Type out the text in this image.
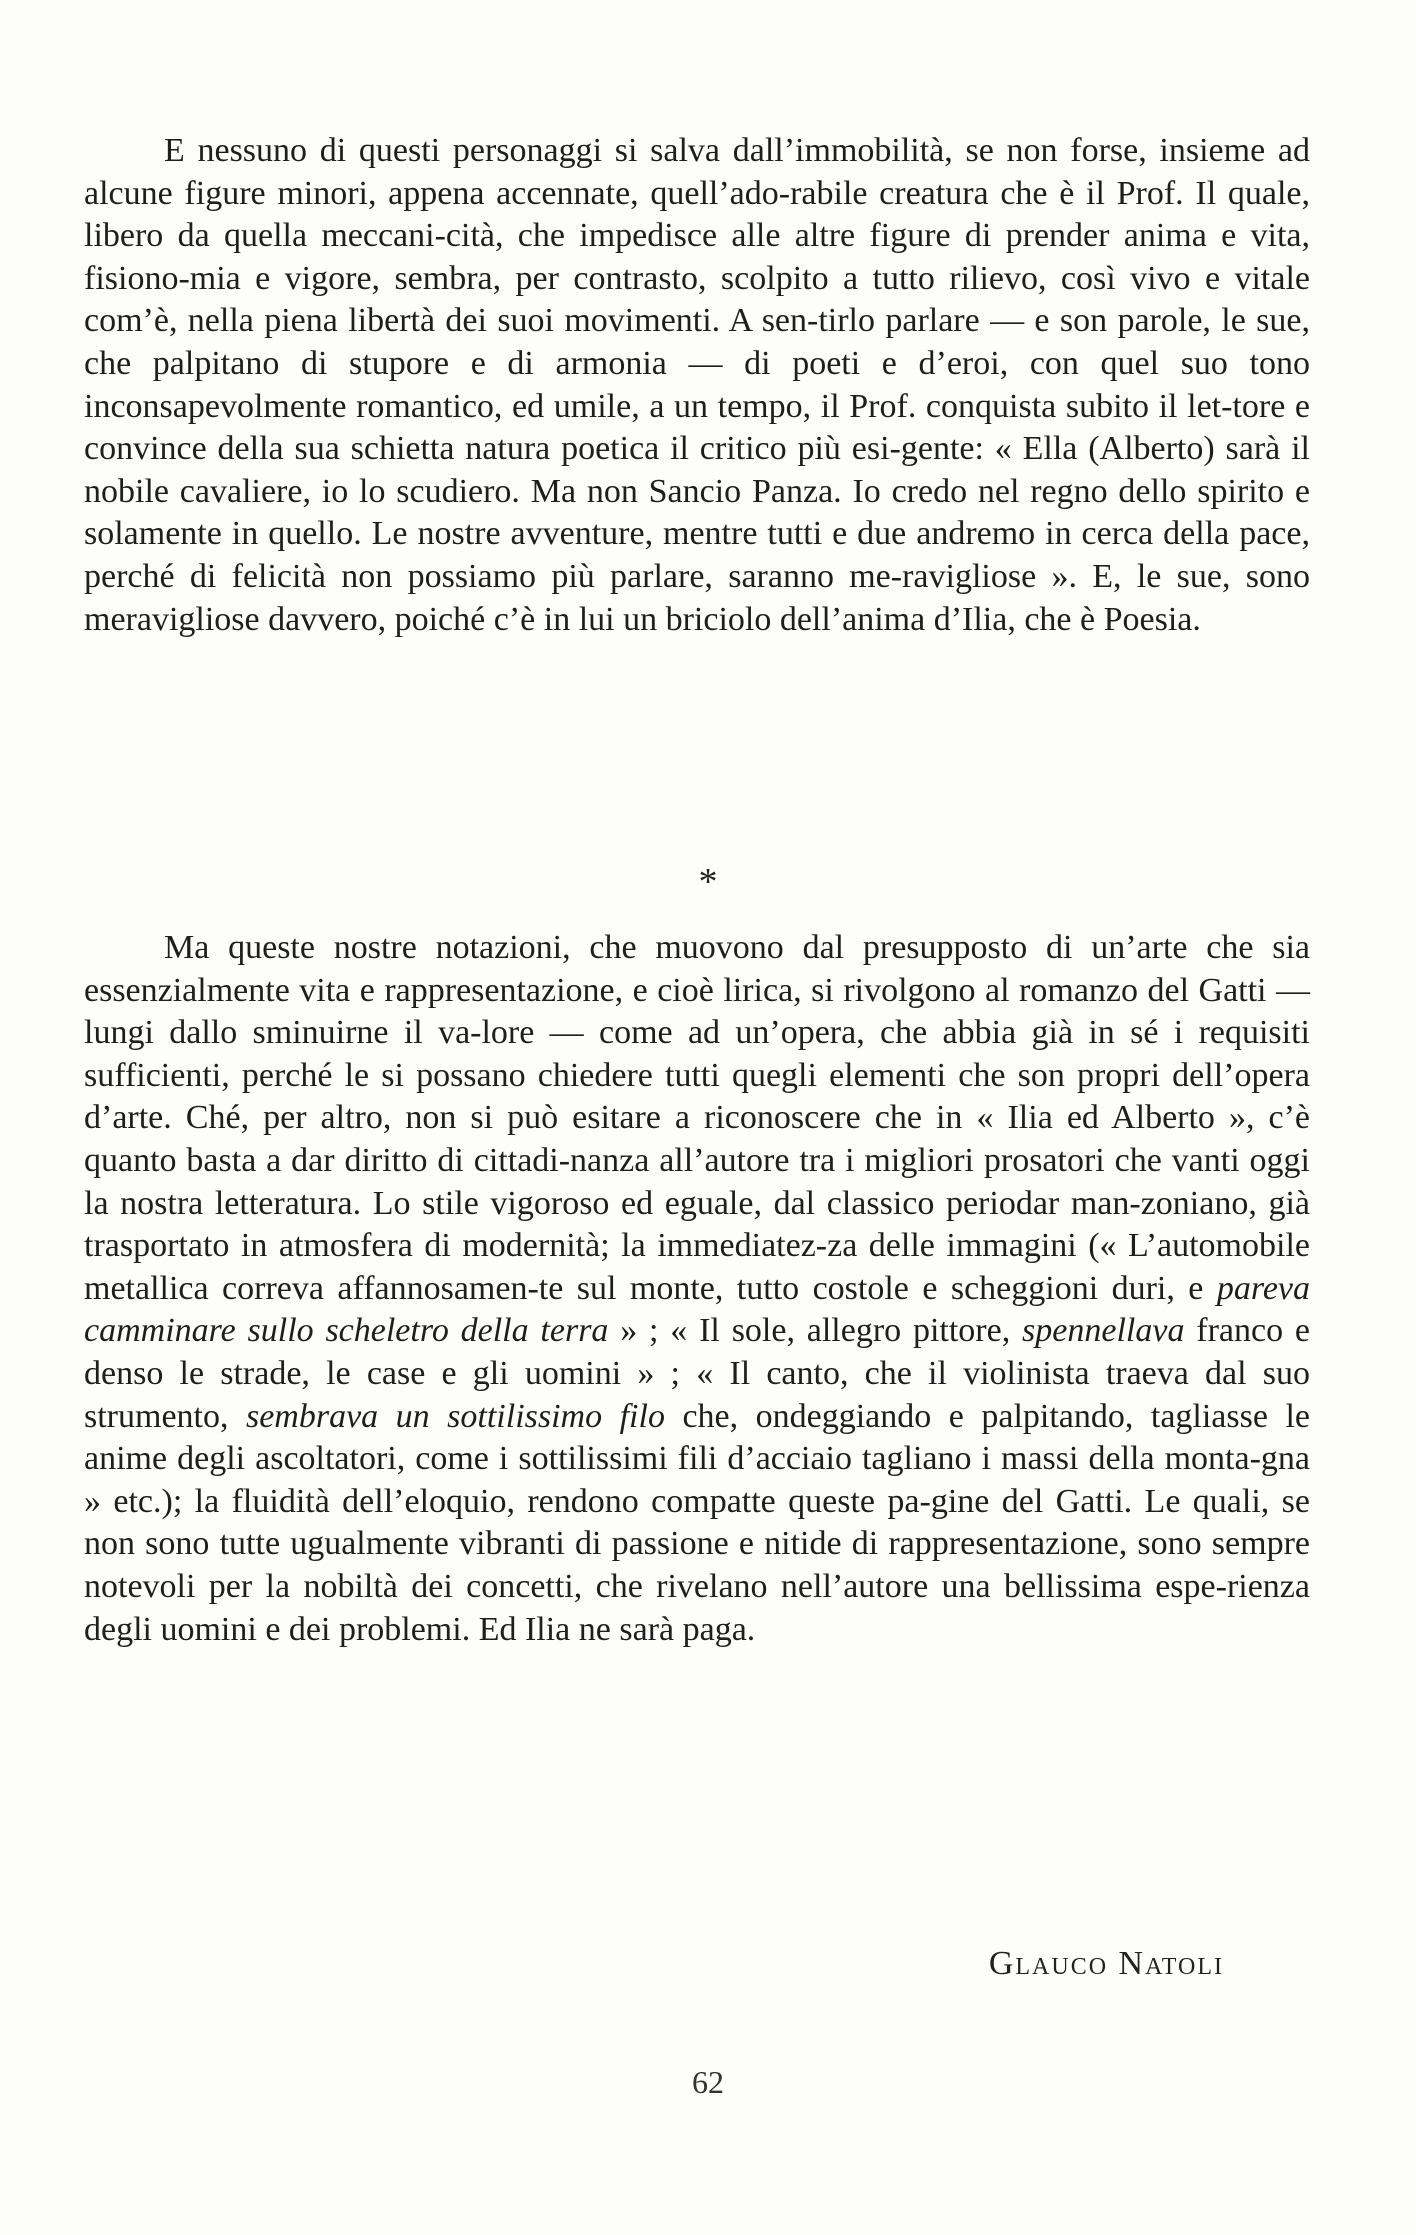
E nessuno di questi personaggi si salva dall’immobilità, se non forse, insieme ad alcune figure minori, appena accennate, quell’ado-rabile creatura che è il Prof. Il quale, libero da quella meccani-cità, che impedisce alle altre figure di prender anima e vita, fisiono-mia e vigore, sembra, per contrasto, scolpito a tutto rilievo, così vivo e vitale com’è, nella piena libertà dei suoi movimenti. A sen-tirlo parlare — e son parole, le sue, che palpitano di stupore e di armonia — di poeti e d’eroi, con quel suo tono inconsapevolmente romantico, ed umile, a un tempo, il Prof. conquista subito il let-tore e convince della sua schietta natura poetica il critico più esi-gente: « Ella (Alberto) sarà il nobile cavaliere, io lo scudiero. Ma non Sancio Panza. Io credo nel regno dello spirito e solamente in quello. Le nostre avventure, mentre tutti e due andremo in cerca della pace, perché di felicità non possiamo più parlare, saranno me-ravigliose ». E, le sue, sono meravigliose davvero, poiché c’è in lui un briciolo dell’anima d’Ilia, che è Poesia.

*

Ma queste nostre notazioni, che muovono dal presupposto di un’arte che sia essenzialmente vita e rappresentazione, e cioè lirica, si rivolgono al romanzo del Gatti — lungi dallo sminuirne il va-lore — come ad un’opera, che abbia già in sé i requisiti sufficienti, perché le si possano chiedere tutti quegli elementi che son propri dell’opera d’arte. Ché, per altro, non si può esitare a riconoscere che in « Ilia ed Alberto », c’è quanto basta a dar diritto di cittadi-nanza all’autore tra i migliori prosatori che vanti oggi la nostra letteratura. Lo stile vigoroso ed eguale, dal classico periodar man-zoniano, già trasportato in atmosfera di modernità; la immediatez-za delle immagini (« L’automobile metallica correva affannosamen-te sul monte, tutto costole e scheggioni duri, e pareva camminare sullo scheletro della terra » ; « Il sole, allegro pittore, spennellava franco e denso le strade, le case e gli uomini » ; « Il canto, che il violinista traeva dal suo strumento, sembrava un sottilissimo filo che, ondeggiando e palpitando, tagliasse le anime degli ascoltatori, come i sottilissimi fili d’acciaio tagliano i massi della monta-gna » etc.); la fluidità dell’eloquio, rendono compatte queste pa-gine del Gatti. Le quali, se non sono tutte ugualmente vibranti di passione e nitide di rappresentazione, sono sempre notevoli per la nobiltà dei concetti, che rivelano nell’autore una bellissima espe-rienza degli uomini e dei problemi. Ed Ilia ne sarà paga.

Glauco Natoli
62
